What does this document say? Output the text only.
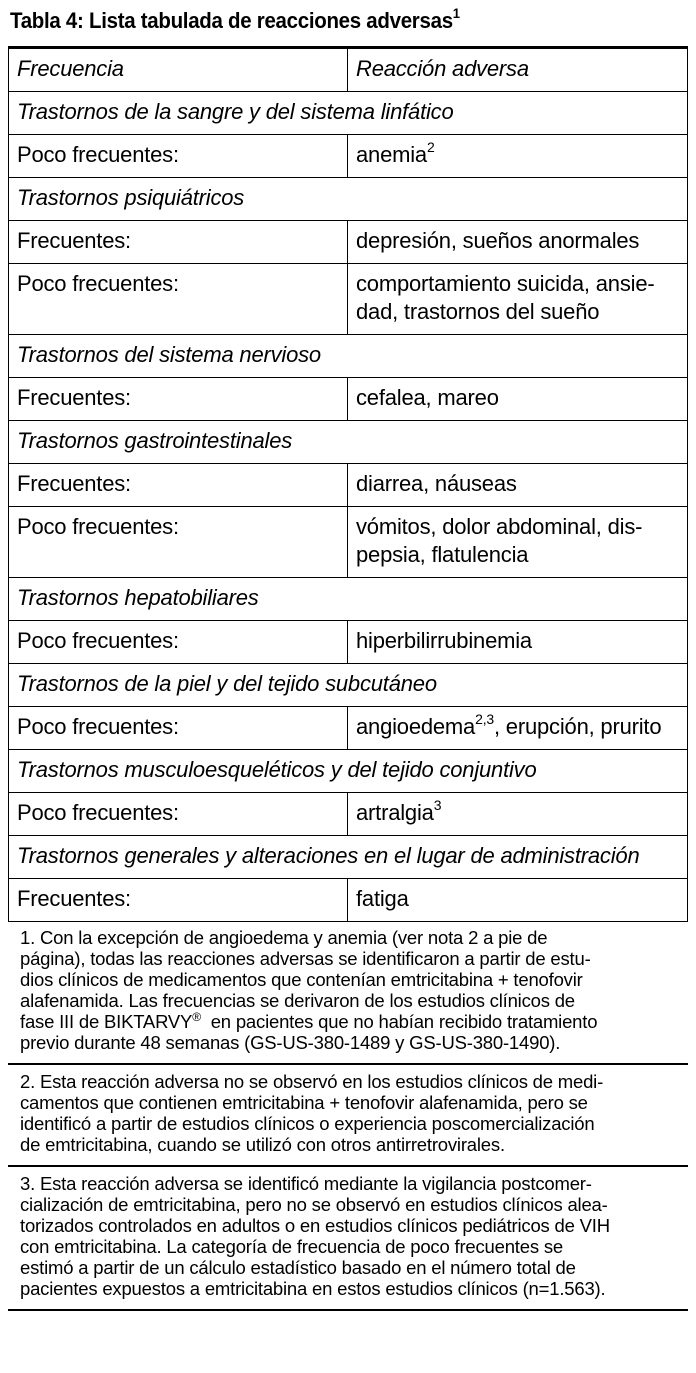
Tabla 4: Lista tabulada de reacciones adversas$^1$
Frecuencia	Reacción adversa
Trastornos de la sangre y del sistema linfático	
Poco frecuentes:	anemia$^2$
Trastornos psiquiátricos	
Frecuentes:	depresión, sueños anormales
Poco frecuentes:	comportamiento suicida, ansie-
dad, trastornos del sueño

Trastornos del sistema nervioso	
Frecuentes:	cefalea, mareo
Trastornos gastrointestinales	
Frecuentes:	diarrea, náuseas
Poco frecuentes:	vómitos, dolor abdominal, dis-
pepsia, flatulencia

Trastornos hepatobiliares	
Poco frecuentes:	hiperbilirrubinemia
Trastornos de la piel y del tejido subcutáneo	
Poco frecuentes:	angioedema$^{2,3}$, erupción, prurito
Trastornos musculoesqueléticos y del tejido conjuntivo	
Poco frecuentes:	artralgia$^3$
Trastornos generales y alteraciones en el lugar de administración	
Frecuentes:	fatiga
1. Con la excepción de angioedema y anemia (ver nota 2 a pie de
página), todas las reacciones adversas se identificaron a partir de estu-
dios clínicos de medicamentos que contenían emtricitabina + tenofovir
alafenamida. Las frecuencias se derivaron de los estudios clínicos de
fase III de BIKTARVY®  en pacientes que no habían recibido tratamiento
previo durante 48 semanas (GS-US-380-1489 y GS-US-380-1490).
2. Esta reacción adversa no se observó en los estudios clínicos de medi-
camentos que contienen emtricitabina + tenofovir alafenamida, pero se
identificó a partir de estudios clínicos o experiencia poscomercialización
de emtricitabina, cuando se utilizó con otros antirretrovirales.
3. Esta reacción adversa se identificó mediante la vigilancia postcomer-
cialización de emtricitabina, pero no se observó en estudios clínicos alea-
torizados controlados en adultos o en estudios clínicos pediátricos de VIH
con emtricitabina. La categoría de frecuencia de poco frecuentes se
estimó a partir de un cálculo estadístico basado en el número total de
pacientes expuestos a emtricitabina en estos estudios clínicos (n=1.563).
